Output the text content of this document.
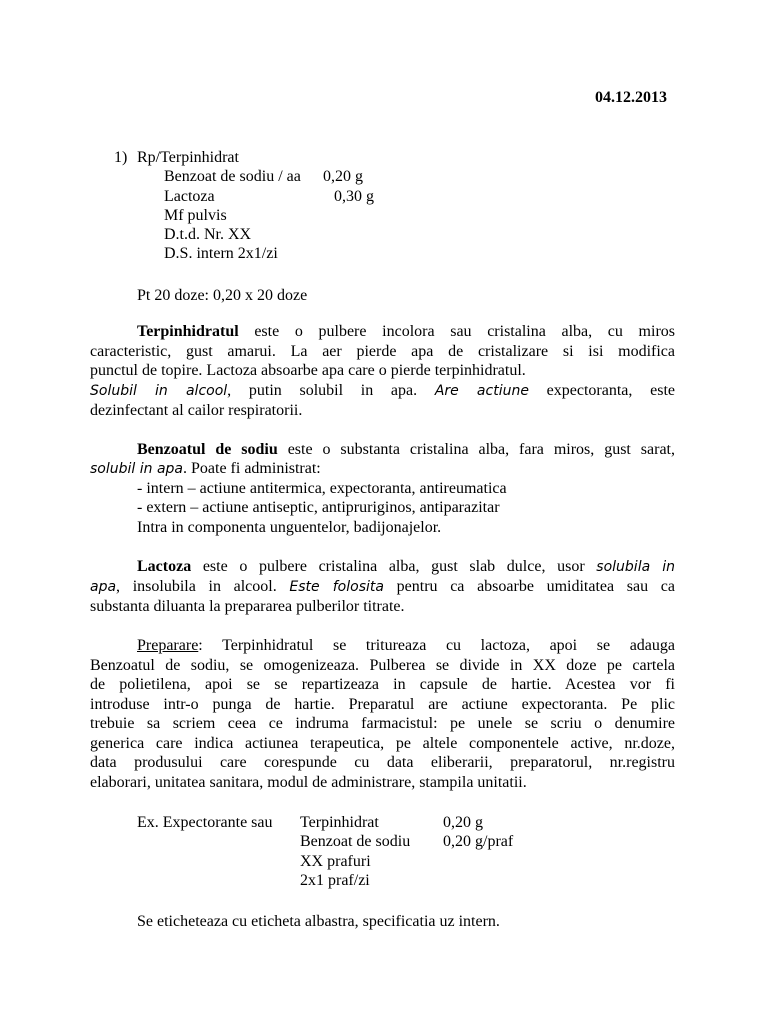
04.12.2013
1) Rp/Terpinhidrat
Benzoat de sodiu / aa 0,20 g
Lactoza	0,30 g
Mf pulvis
D.t.d. Nr. XX
D.S. intern 2x1/zi
Pt 20 doze: 0,20 x 20 doze
Terpinhidratul este o pulbere incolora sau cristalina alba, cu miros
caracteristic, gust amarui. La aer pierde apa de cristalizare si isi modifica
punctul de topire. Lactoza absoarbe apa care o pierde terpinhidratul.
Solubil in alcool, putin solubil in apa. Are actiune expectoranta, este
dezinfectant al cailor respiratorii.
Benzoatul de sodiu este o substanta cristalina alba, fara miros, gust sarat,
solubil in apa. Poate fi administrat:
- intern – actiune antitermica, expectoranta, antireumatica
- extern – actiune antiseptic, antipruriginos, antiparazitar
Intra in componenta unguentelor, badijonajelor.
Lactoza este o pulbere cristalina alba, gust slab dulce, usor solubila in
apa, insolubila in alcool. Este folosita pentru ca absoarbe umiditatea sau ca
substanta diluanta la prepararea pulberilor titrate.
Preparare: Terpinhidratul se tritureaza cu lactoza, apoi se adauga
Benzoatul de sodiu, se omogenizeaza. Pulberea se divide in XX doze pe cartela
de polietilena, apoi se se repartizeaza in capsule de hartie. Acestea vor fi
introduse intr-o punga de hartie. Preparatul are actiune expectoranta. Pe plic
trebuie sa scriem ceea ce indruma farmacistul: pe unele se scriu o denumire
generica care indica actiunea terapeutica, pe altele componentele active, nr.doze,
data produsului care corespunde cu data eliberarii, preparatorul, nr.registru
elaborari, unitatea sanitara, modul de administrare, stampila unitatii.
Ex. Expectorante sau Terpinhidrat	0,20 g
Benzoat de sodiu 0,20 g/praf
XX prafuri
2x1 praf/zi
Se eticheteaza cu eticheta albastra, specificatia uz intern.
